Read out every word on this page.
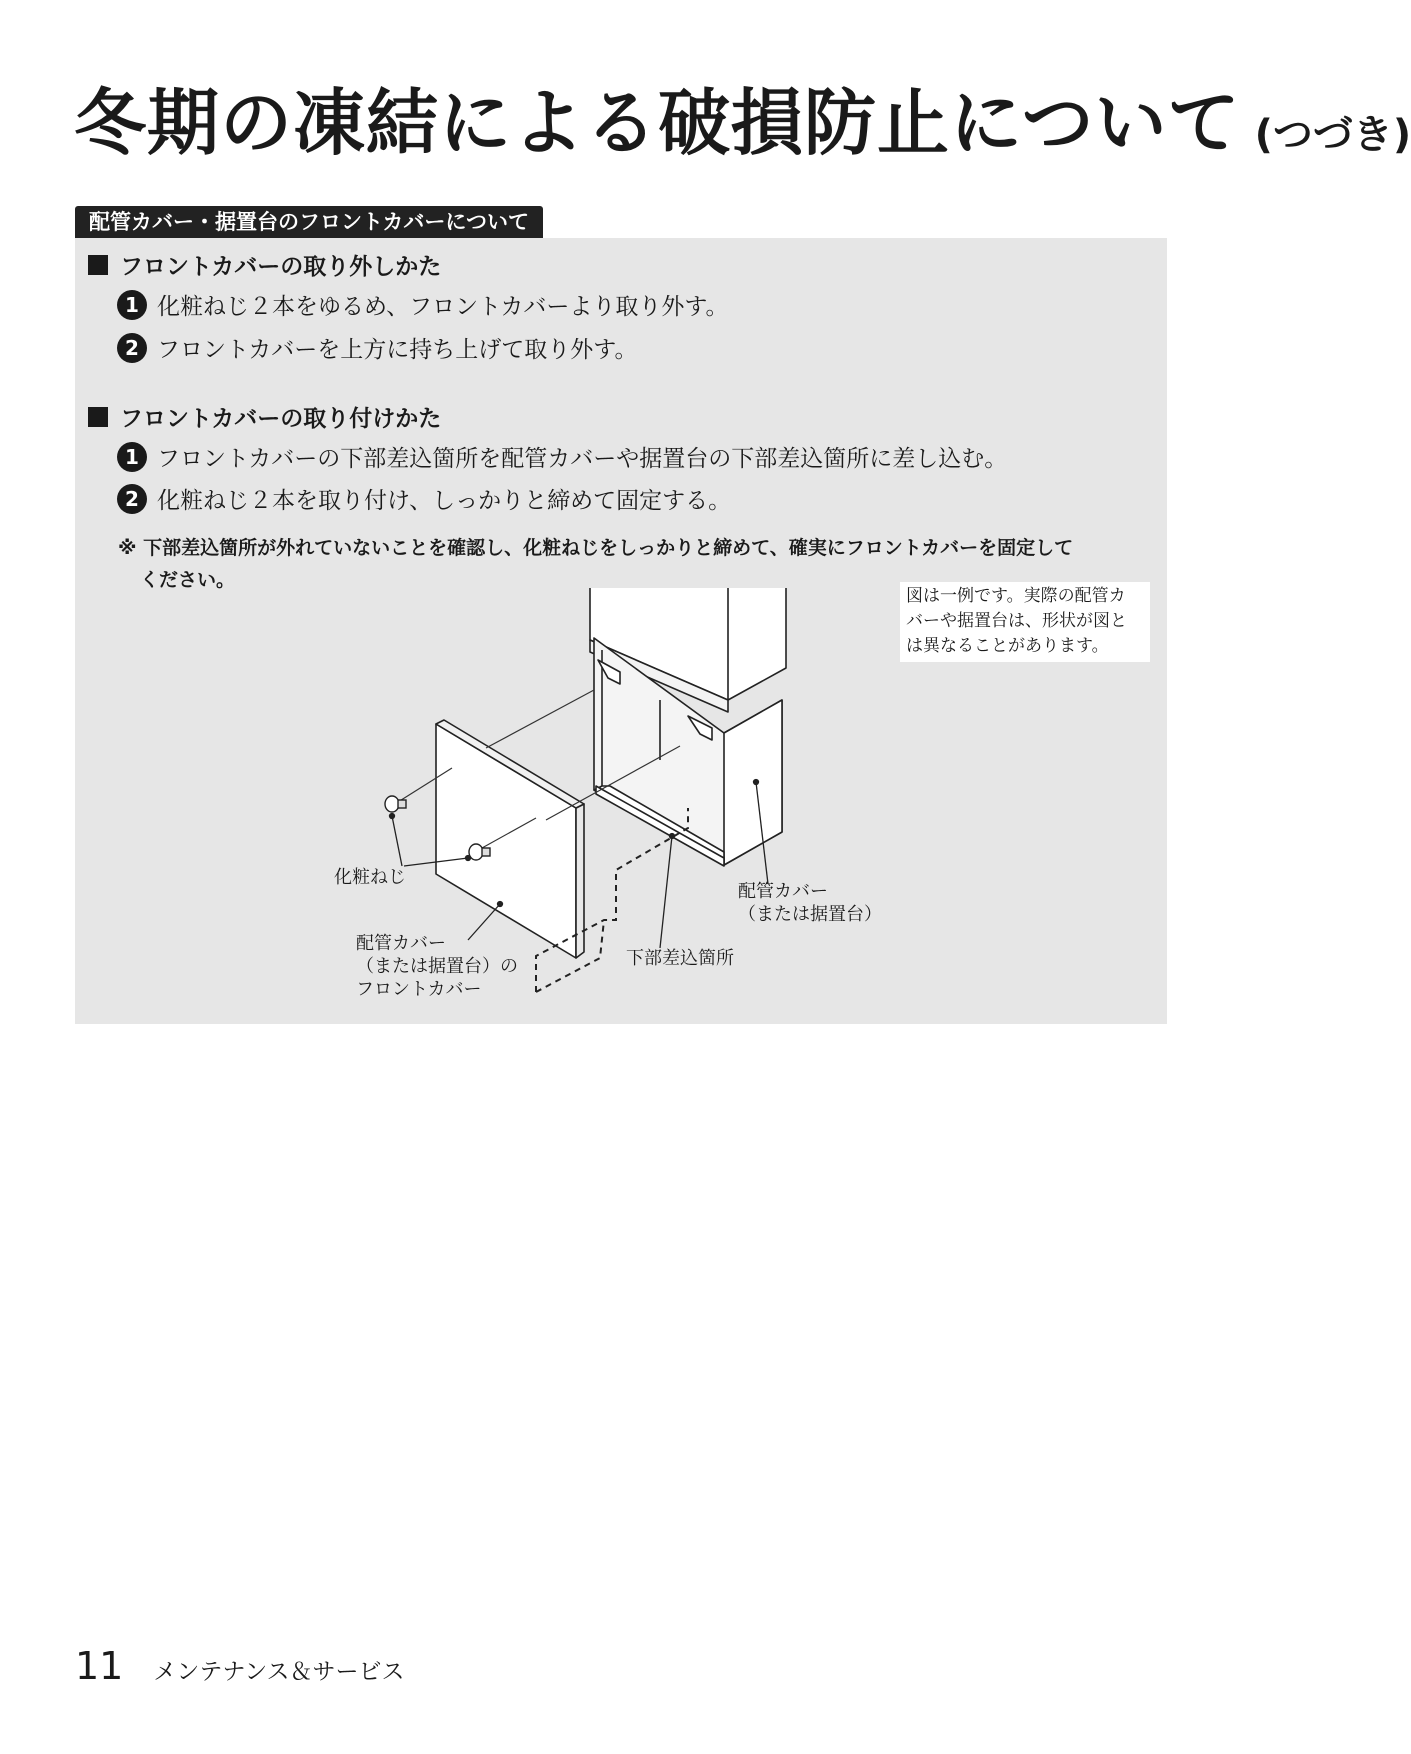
冬期の凍結による破損防止について (つづき)
配管カバー・据置台のフロントカバーについて
フロントカバーの取り外しかた
1 化粧ねじ２本をゆるめ、フロントカバーより取り外す。
2 フロントカバーを上方に持ち上げて取り外す。
フロントカバーの取り付けかた
1 フロントカバーの下部差込箇所を配管カバーや据置台の下部差込箇所に差し込む。
2 化粧ねじ２本を取り付け、しっかりと締めて固定する。
※ 下部差込箇所が外れていないことを確認し、化粧ねじをしっかりと締めて、確実にフロントカバーを固定して
ください。
図は一例です。実際の配管カ
バーや据置台は、形状が図と
は異なることがあります。
化粧ねじ
配管カバー
（または据置台）
配管カバー
（または据置台）の
フロントカバー
下部差込箇所
11 メンテナンス＆サービス
